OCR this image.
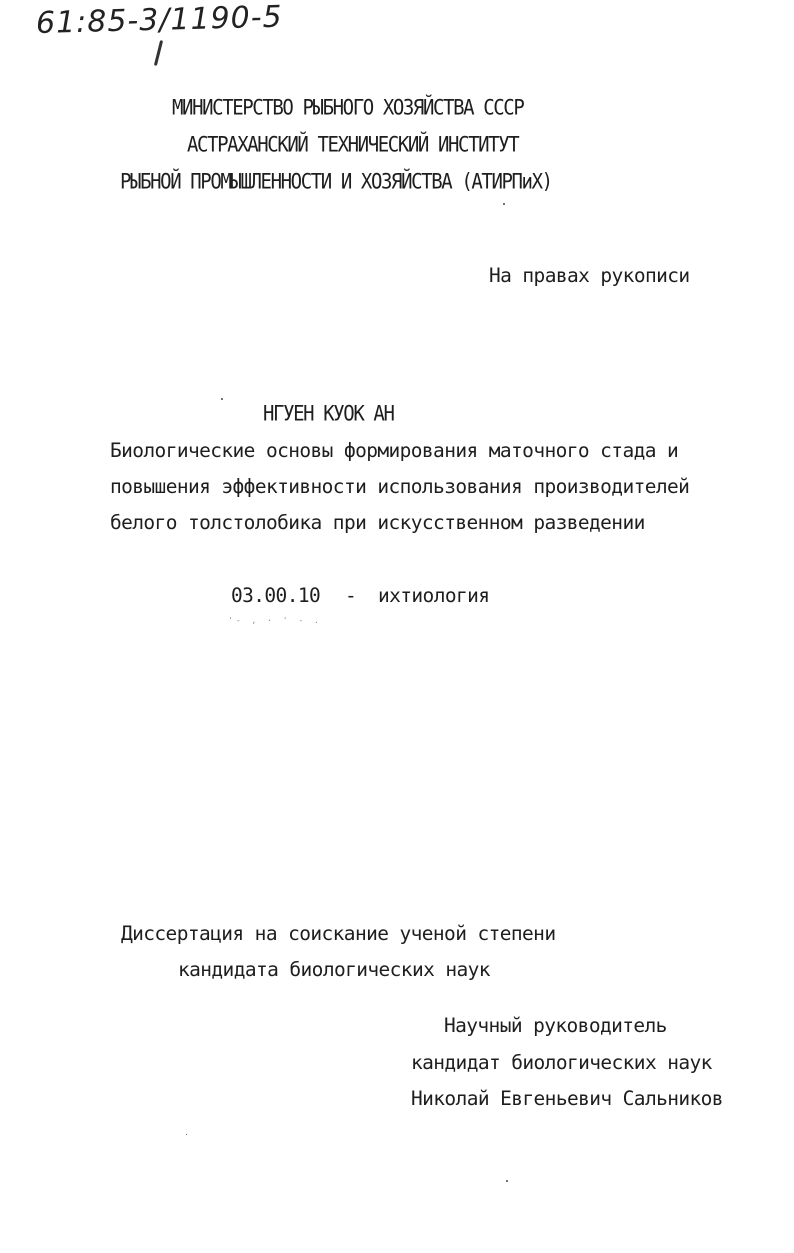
61:85-3/1190-5
МИНИСТЕРСТВО РЫБНОГО ХОЗЯЙСТВА СССР
АСТРАХАНСКИЙ ТЕХНИЧЕСКИЙ ИНСТИТУТ
РЫБНОЙ ПРОМЫШЛЕННОСТИ И ХОЗЯЙСТВА (АТИРПиХ)
На правах рукописи
НГУЕН КУОК АН
Биологические основы формирования маточного стада и
повышения эффективности использования производителей
белого толстолобика при искусственном разведении
03.00.10 - ихтиология
'- , · ' - .
Диссертация на соискание ученой степени
кандидата биологических наук
Научный руководитель
кандидат биологических наук
Николай Евгеньевич Сальников
